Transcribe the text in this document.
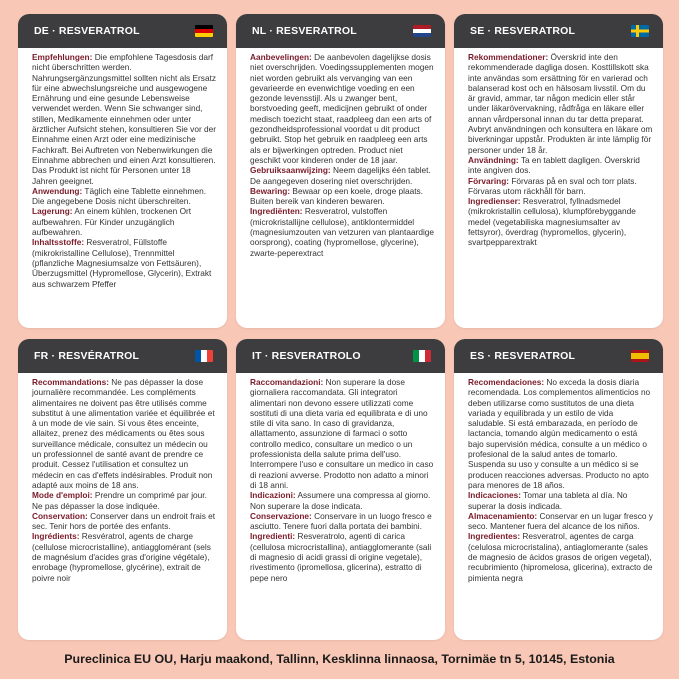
DE · RESVERATROL

Empfehlungen: Die empfohlene Tagesdosis darf nicht überschritten werden. Nahrungsergänzungsmittel sollten nicht als Ersatz für eine abwechslungsreiche und ausgewogene Ernährung und eine gesunde Lebensweise verwendet werden. Wenn Sie schwanger sind, stillen, Medikamente einnehmen oder unter ärztlicher Aufsicht stehen, konsultieren Sie vor der Einnahme einen Arzt oder eine medizinische Fachkraft. Bei Auftreten von Nebenwirkungen die Einnahme abbrechen und einen Arzt konsultieren. Das Produkt ist nicht für Personen unter 18 Jahren geeignet.

Anwendung: Täglich eine Tablette einnehmen. Die angegebene Dosis nicht überschreiten.

Lagerung: An einem kühlen, trockenen Ort aufbewahren. Für Kinder unzugänglich aufbewahren.

Inhaltsstoffe: Resveratrol, Füllstoffe (mikrokristalline Cellulose), Trennmittel (pflanzliche Magnesiumsalze von Fettsäuren), Überzugsmittel (Hypromellose, Glycerin), Extrakt aus schwarzem Pfeffer

NL · RESVERATROL

Aanbevelingen: De aanbevolen dagelijkse dosis niet overschrijden. Voedingssupplementen mogen niet worden gebruikt als vervanging van een gevarieerde en evenwichtige voeding en een gezonde levensstijl. Als u zwanger bent, borstvoeding geeft, medicijnen gebruikt of onder medisch toezicht staat, raadpleeg dan een arts of gezondheidsprofessional voordat u dit product gebruikt. Stop het gebruik en raadpleeg een arts als er bijwerkingen optreden. Product niet geschikt voor kinderen onder de 18 jaar.

Gebruiksaanwijzing: Neem dagelijks één tablet. De aangegeven dosering niet overschrijden.

Bewaring: Bewaar op een koele, droge plaats. Buiten bereik van kinderen bewaren.

Ingrediënten: Resveratrol, vulstoffen (microkristallijne cellulose), antiklontermiddel (magnesiumzouten van vetzuren van plantaardige oorsprong), coating (hypromellose, glycerine), zwarte-peperextract

SE · RESVERATROL

Rekommendationer: Överskrid inte den rekommenderade dagliga dosen. Kosttillskott ska inte användas som ersättning för en varierad och balanserad kost och en hälsosam livsstil. Om du är gravid, ammar, tar någon medicin eller står under läkarövervakning, rådfråga en läkare eller annan vårdpersonal innan du tar detta preparat. Avbryt användningen och konsultera en läkare om biverkningar uppstår. Produkten är inte lämplig för personer under 18 år.

Användning: Ta en tablett dagligen. Överskrid inte angiven dos.

Förvaring: Förvaras på en sval och torr plats. Förvaras utom räckhåll för barn.

Ingredienser: Resveratrol, fyllnadsmedel (mikrokristallin cellulosa), klumpförebyggande medel (vegetabiliska magnesiumsalter av fettsyror), överdrag (hypromellos, glycerin), svartpepparextrakt

FR · RESVÉRATROL

Recommandations: Ne pas dépasser la dose journalière recommandée. Les compléments alimentaires ne doivent pas être utilisés comme substitut à une alimentation variée et équilibrée et à un mode de vie sain. Si vous êtes enceinte, allaitez, prenez des médicaments ou êtes sous surveillance médicale, consultez un médecin ou un professionnel de santé avant de prendre ce produit. Cessez l'utilisation et consultez un médecin en cas d'effets indésirables. Produit non adapté aux moins de 18 ans.

Mode d'emploi: Prendre un comprimé par jour. Ne pas dépasser la dose indiquée.

Conservation: Conserver dans un endroit frais et sec. Tenir hors de portée des enfants.

Ingrédients: Resvératrol, agents de charge (cellulose microcristalline), antiagglomérant (sels de magnésium d'acides gras d'origine végétale), enrobage (hypromellose, glycérine), extrait de poivre noir

IT · RESVERATROLO

Raccomandazioni: Non superare la dose giornaliera raccomandata. Gli integratori alimentari non devono essere utilizzati come sostituti di una dieta varia ed equilibrata e di uno stile di vita sano. In caso di gravidanza, allattamento, assunzione di farmaci o sotto controllo medico, consultare un medico o un professionista della salute prima dell'uso. Interrompere l'uso e consultare un medico in caso di reazioni avverse. Prodotto non adatto a minori di 18 anni.

Indicazioni: Assumere una compressa al giorno. Non superare la dose indicata.

Conservazione: Conservare in un luogo fresco e asciutto. Tenere fuori dalla portata dei bambini.

Ingredienti: Resveratrolo, agenti di carica (cellulosa microcristallina), antiagglomerante (sali di magnesio di acidi grassi di origine vegetale), rivestimento (ipromellosa, glicerina), estratto di pepe nero

ES · RESVERATROL

Recomendaciones: No exceda la dosis diaria recomendada. Los complementos alimenticios no deben utilizarse como sustitutos de una dieta variada y equilibrada y un estilo de vida saludable. Si está embarazada, en período de lactancia, tomando algún medicamento o está bajo supervisión médica, consulte a un médico o profesional de la salud antes de tomarlo. Suspenda su uso y consulte a un médico si se producen reacciones adversas. Producto no apto para menores de 18 años.

Indicaciones: Tomar una tableta al día. No superar la dosis indicada.

Almacenamiento: Conservar en un lugar fresco y seco. Mantener fuera del alcance de los niños.

Ingredientes: Resveratrol, agentes de carga (celulosa microcristalina), antiaglomerante (sales de magnesio de ácidos grasos de origen vegetal), recubrimiento (hipromelosa, glicerina), extracto de pimienta negra

Pureclinica EU OU, Harju maakond, Tallinn, Kesklinna linnaosa, Tornimäe tn 5, 10145, Estonia
